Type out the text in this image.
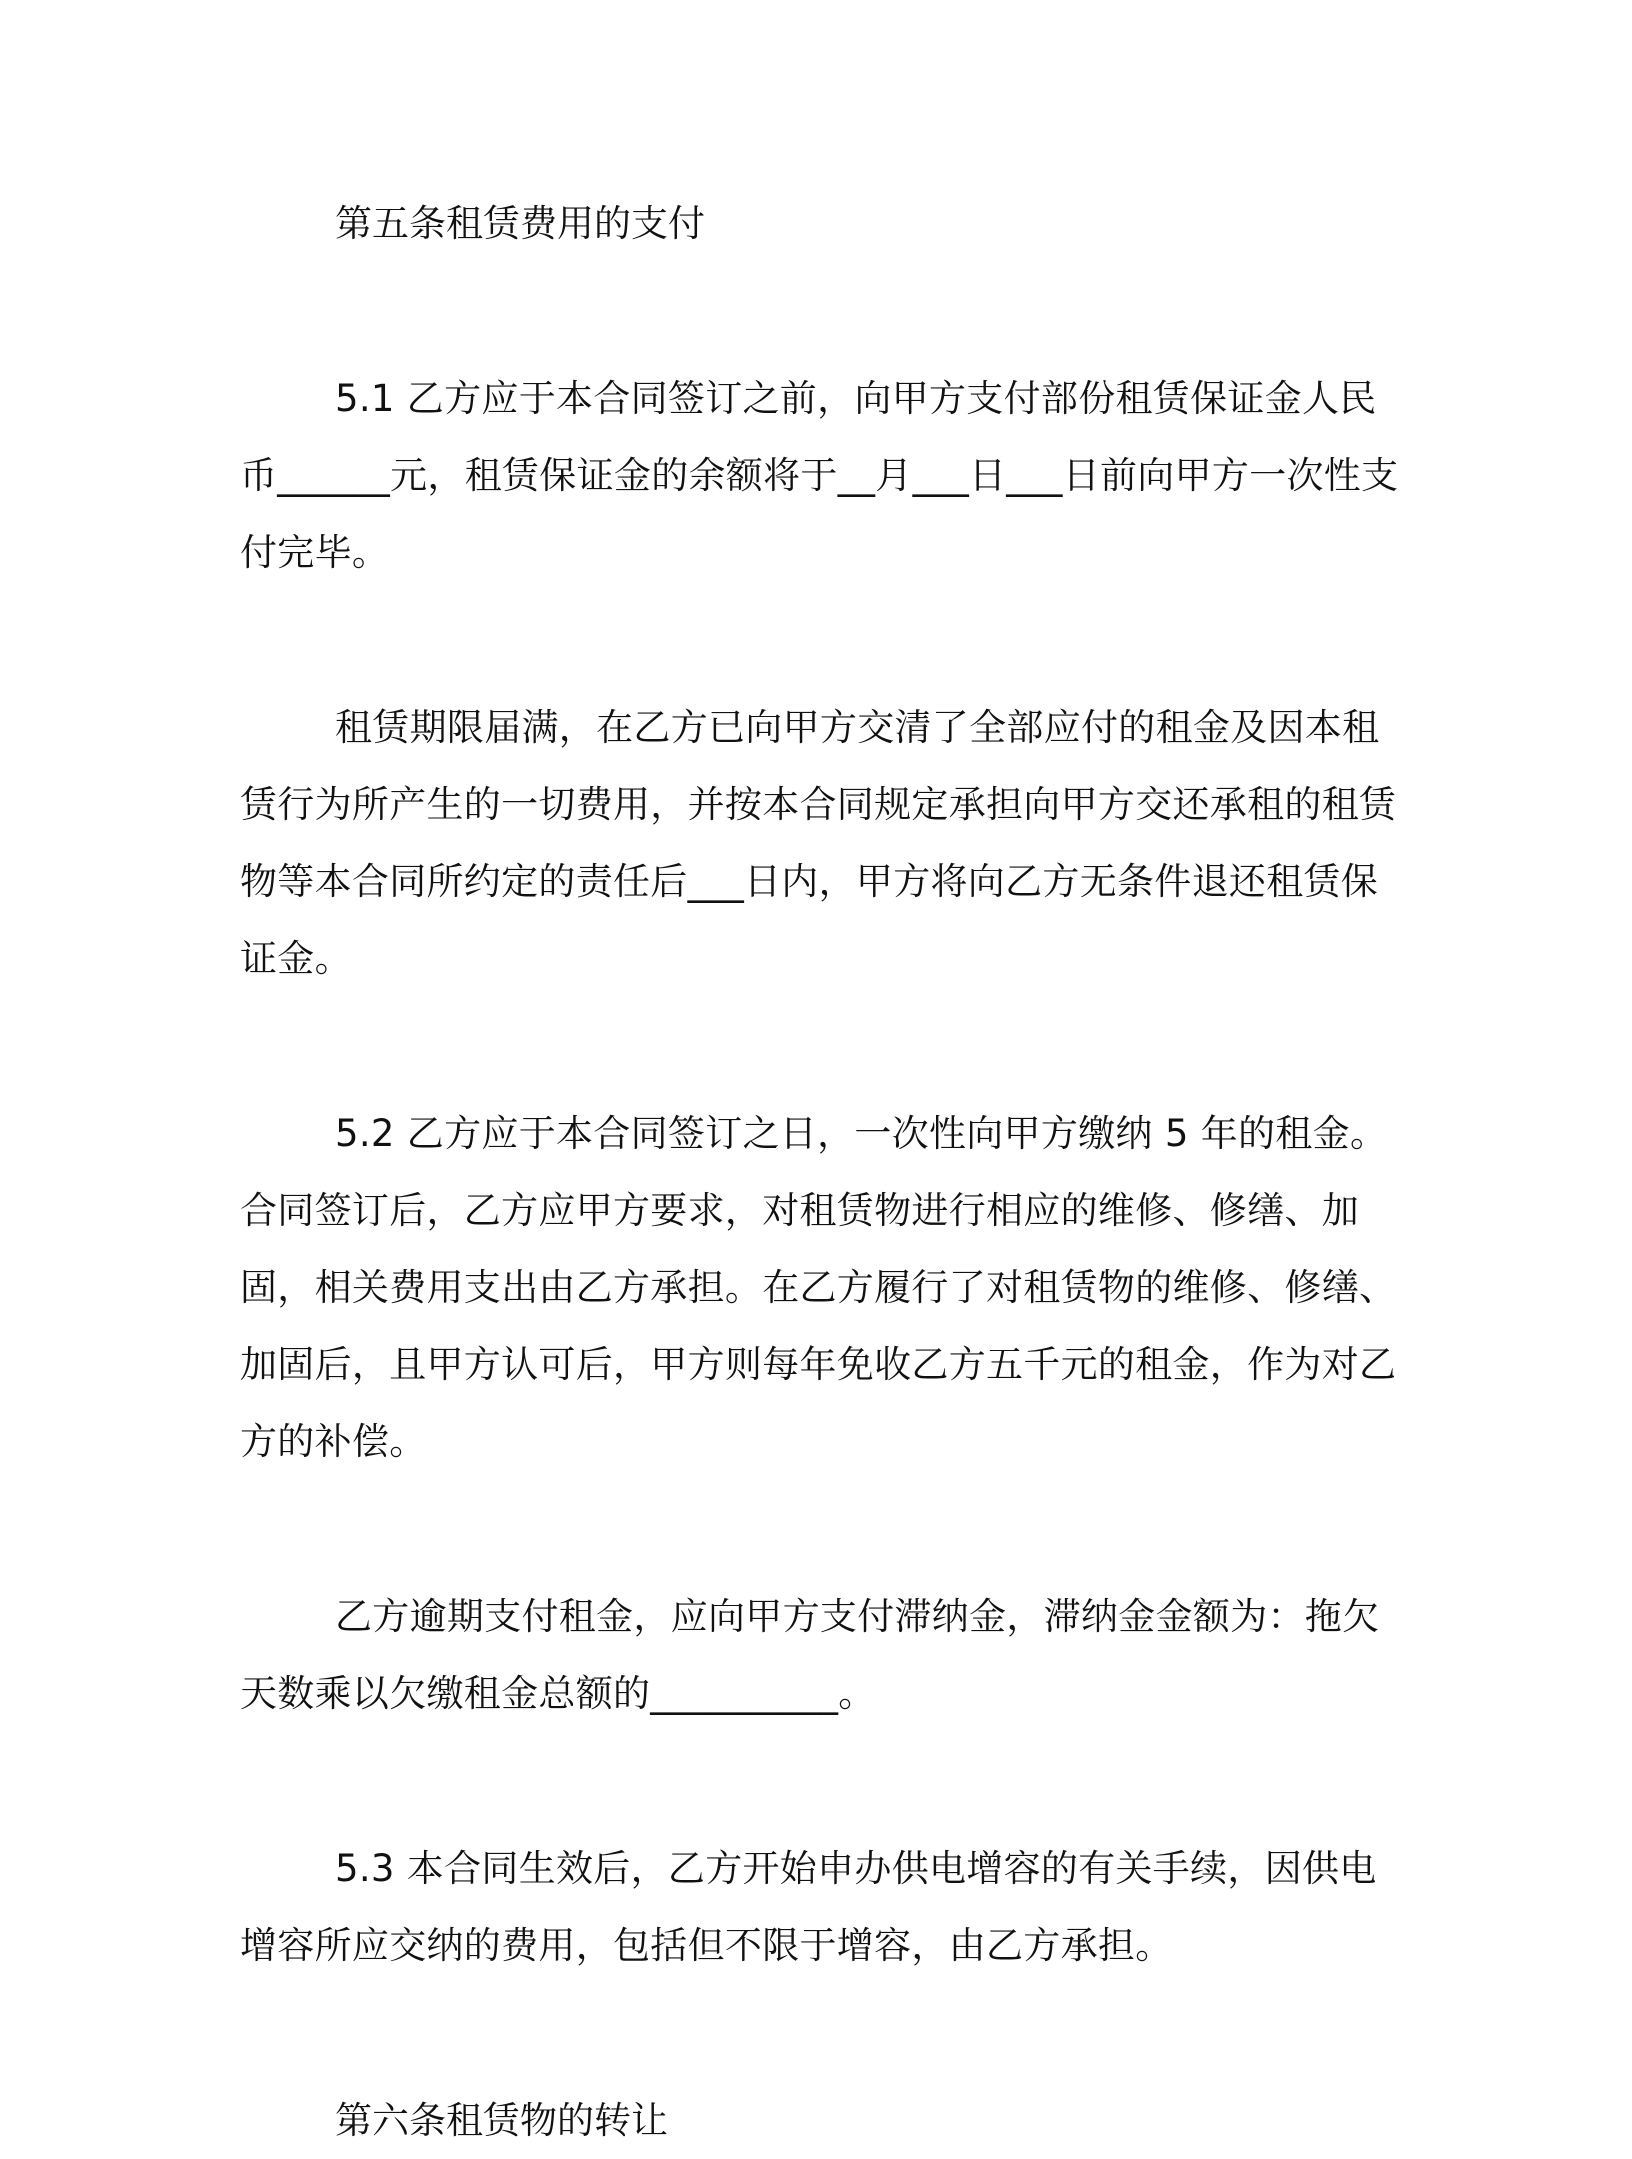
第五条租赁费用的支付

5.1 乙方应于本合同签订之前，向甲方支付部份租赁保证金人民币______元，租赁保证金的余额将于__月___日___日前向甲方一次性支付完毕。

租赁期限届满，在乙方已向甲方交清了全部应付的租金及因本租赁行为所产生的一切费用，并按本合同规定承担向甲方交还承租的租赁物等本合同所约定的责任后___日内，甲方将向乙方无条件退还租赁保证金。

5.2 乙方应于本合同签订之日，一次性向甲方缴纳 5 年的租金。合同签订后，乙方应甲方要求，对租赁物进行相应的维修、修缮、加固，相关费用支出由乙方承担。在乙方履行了对租赁物的维修、修缮、加固后，且甲方认可后，甲方则每年免收乙方五千元的租金，作为对乙方的补偿。

乙方逾期支付租金，应向甲方支付滞纳金，滞纳金金额为：拖欠天数乘以欠缴租金总额的__________。

5.3 本合同生效后，乙方开始申办供电增容的有关手续，因供电增容所应交纳的费用，包括但不限于增容，由乙方承担。

第六条租赁物的转让
